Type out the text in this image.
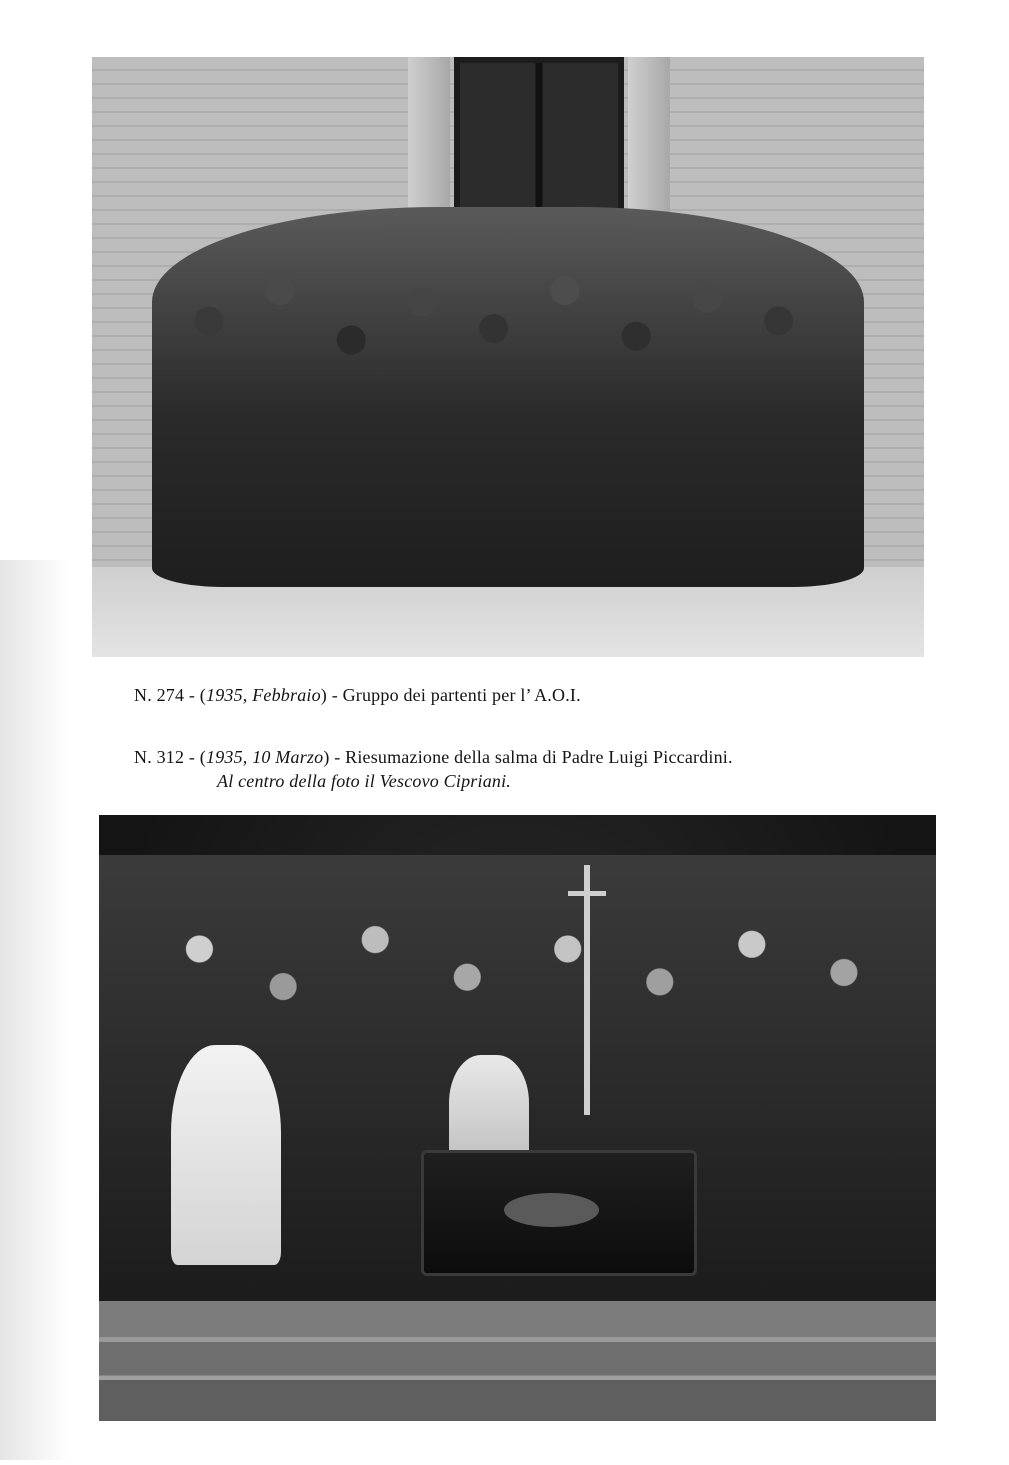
N. 274 - (1935, Febbraio) - Gruppo dei partenti per l’ A.O.I.

N. 312 - (1935, 10 Marzo) - Riesumazione della salma di Padre Luigi Piccardini.

Al centro della foto il Vescovo Cipriani.
